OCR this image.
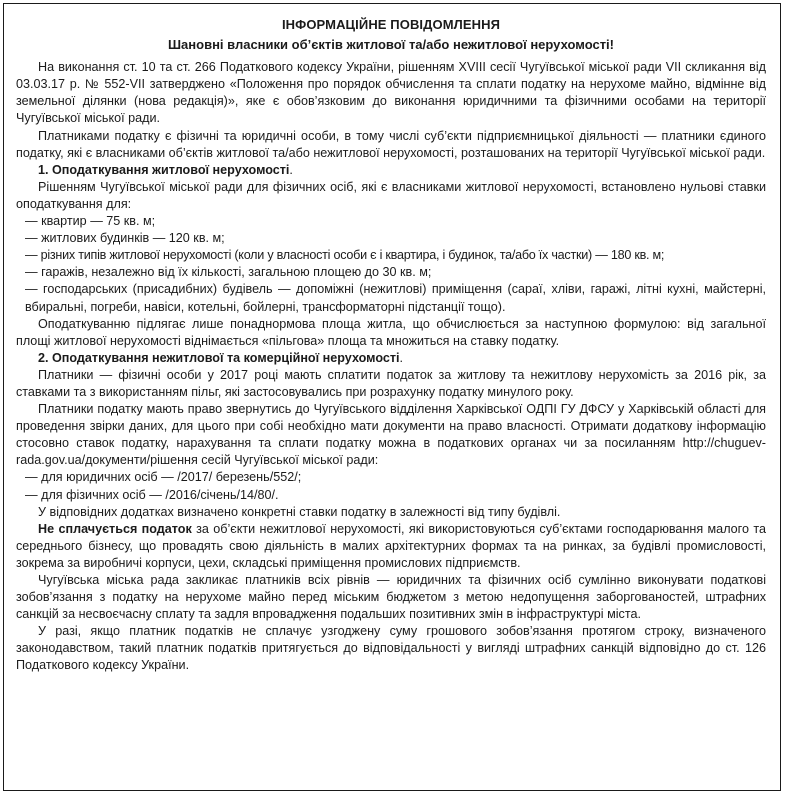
ІНФОРМАЦІЙНЕ ПОВІДОМЛЕННЯ
Шановні власники об’єктів житлової та/або нежитлової нерухомості!

На виконання ст. 10 та ст. 266 Податкового кодексу України, рішенням XVIII сесії Чугуївської міської ради VII скликання від 03.03.17 р. № 552-VII затверджено «Положення про порядок обчислення та сплати податку на нерухоме майно, відмінне від земельної ділянки (нова редакція)», яке є обов’язковим до виконання юридичними та фізичними особами на території Чугуївської міської ради.

Платниками податку є фізичні та юридичні особи, в тому числі суб’єкти підприємницької діяльності — платники єдиного податку, які є власниками об’єктів житлової та/або нежитлової нерухомості, розташованих на території Чугуївської міської ради.

1. Оподаткування житлової нерухомості.

Рішенням Чугуївської міської ради для фізичних осіб, які є власниками житлової нерухомості, встановлено нульові ставки оподаткування для:

— квартир — 75 кв. м;

— житлових будинків — 120 кв. м;

— різних типів житлової нерухомості (коли у власності особи є і квартира, і будинок, та/або їх частки) — 180 кв. м;

— гаражів, незалежно від їх кількості, загальною площею до 30 кв. м;

— господарських (присадибних) будівель — допоміжні (нежитлові) приміщення (сараї, хліви, гаражі, літні кухні, майстерні, вбиральні, погреби, навіси, котельні, бойлерні, трансформаторні підстанції тощо).

Оподаткуванню підлягає лише понаднормова площа житла, що обчислюється за наступною формулою: від загальної площі житлової нерухомості віднімається «пільгова» площа та множиться на ставку податку.

2. Оподаткування нежитлової та комерційної нерухомості.

Платники — фізичні особи у 2017 році мають сплатити податок за житлову та нежитлову нерухомість за 2016 рік, за ставками та з використанням пільг, які застосовувались при розрахунку податку минулого року.

Платники податку мають право звернутись до Чугуївського відділення Харківської ОДПІ ГУ ДФСУ у Харківській області для проведення звірки даних, для цього при собі необхідно мати документи на право власності. Отримати додаткову інформацію стосовно ставок податку, нарахування та сплати податку можна в податкових органах чи за посиланням http://chuguev-rada.gov.ua/документи/рішення сесій Чугуївської міської ради:

— для юридичних осіб — /2017/ березень/552/;

— для фізичних осіб — /2016/січень/14/80/.

У відповідних додатках визначено конкретні ставки податку в залежності від типу будівлі.

Не сплачується податок за об’єкти нежитлової нерухомості, які використовуються суб’єктами господарювання малого та середнього бізнесу, що провадять свою діяльність в малих архітектурних формах та на ринках, за будівлі промисловості, зокрема за виробничі корпуси, цехи, складські приміщення промислових підприємств.

Чугуївська міська рада закликає платників всіх рівнів — юридичних та фізичних осіб сумлінно виконувати податкові зобов’язання з податку на нерухоме майно перед міським бюджетом з метою недопущення заборгованостей, штрафних санкцій за несвоєчасну сплату та задля впровадження подальших позитивних змін в інфраструктурі міста.

У разі, якщо платник податків не сплачує узгоджену суму грошового зобов’язання протягом строку, визначеного законодавством, такий платник податків притягується до відповідальності у вигляді штрафних санкцій відповідно до ст. 126 Податкового кодексу України.
